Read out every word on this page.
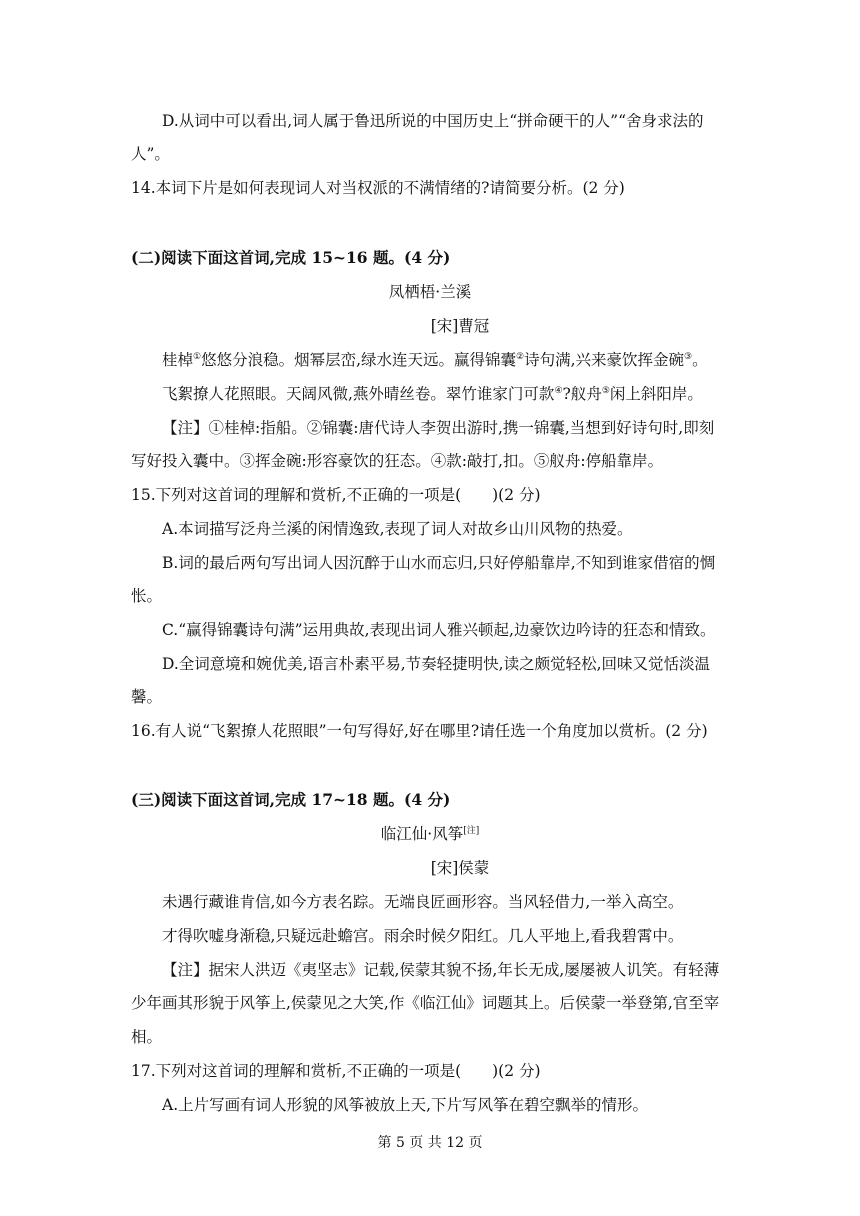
D.从词中可以看出,词人属于鲁迅所说的中国历史上“拼命硬干的人”“舍身求法的

人”。

14.本词下片是如何表现词人对当权派的不满情绪的?请简要分析。(2 分)

(二)阅读下面这首词,完成 15~16 题。(4 分)

凤栖梧·兰溪

[宋]曹冠

桂棹①悠悠分浪稳。烟幂层峦,绿水连天远。赢得锦囊②诗句满,兴来豪饮挥金碗③。

飞絮撩人花照眼。天阔风微,燕外晴丝卷。翠竹谁家门可款④?舣舟⑤闲上斜阳岸。

【注】①桂棹:指船。②锦囊:唐代诗人李贺出游时,携一锦囊,当想到好诗句时,即刻

写好投入囊中。③挥金碗:形容豪饮的狂态。④款:敲打,扣。⑤舣舟:停船靠岸。

15.下列对这首词的理解和赏析,不正确的一项是(　　)(2 分)

A.本词描写泛舟兰溪的闲情逸致,表现了词人对故乡山川风物的热爱。

B.词的最后两句写出词人因沉醉于山水而忘归,只好停船靠岸,不知到谁家借宿的惆

怅。

C.“赢得锦囊诗句满”运用典故,表现出词人雅兴顿起,边豪饮边吟诗的狂态和情致。

D.全词意境和婉优美,语言朴素平易,节奏轻捷明快,读之颇觉轻松,回味又觉恬淡温

馨。

16.有人说“飞絮撩人花照眼”一句写得好,好在哪里?请任选一个角度加以赏析。(2 分)

(三)阅读下面这首词,完成 17~18 题。(4 分)

临江仙·风筝[注]

[宋]侯蒙

未遇行藏谁肯信,如今方表名踪。无端良匠画形容。当风轻借力,一举入高空。

才得吹嘘身渐稳,只疑远赴蟾宫。雨余时候夕阳红。几人平地上,看我碧霄中。

【注】据宋人洪迈《夷坚志》记载,侯蒙其貌不扬,年长无成,屡屡被人讥笑。有轻薄

少年画其形貌于风筝上,侯蒙见之大笑,作《临江仙》词题其上。后侯蒙一举登第,官至宰

相。

17.下列对这首词的理解和赏析,不正确的一项是(　　)(2 分)

A.上片写画有词人形貌的风筝被放上天,下片写风筝在碧空飘举的情形。

第 5 页 共 12 页
